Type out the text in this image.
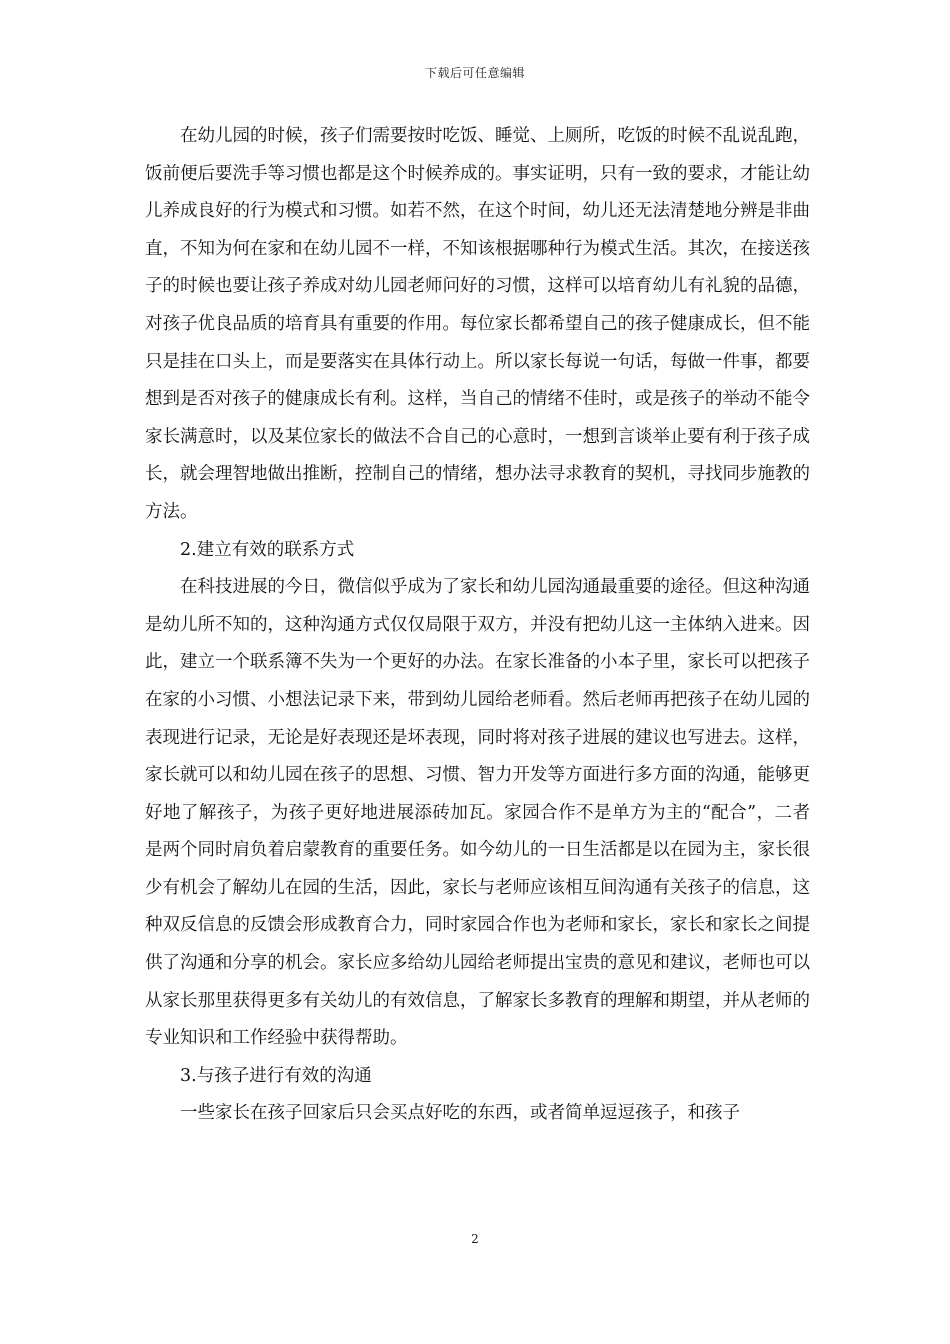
下载后可任意编辑

在幼儿园的时候，孩子们需要按时吃饭、睡觉、上厕所，吃饭的时候不乱说乱跑，饭前便后要洗手等习惯也都是这个时候养成的。事实证明，只有一致的要求，才能让幼儿养成良好的行为模式和习惯。如若不然，在这个时间，幼儿还无法清楚地分辨是非曲直，不知为何在家和在幼儿园不一样，不知该根据哪种行为模式生活。其次，在接送孩子的时候也要让孩子养成对幼儿园老师问好的习惯，这样可以培育幼儿有礼貌的品德，对孩子优良品质的培育具有重要的作用。每位家长都希望自己的孩子健康成长，但不能只是挂在口头上，而是要落实在具体行动上。所以家长每说一句话，每做一件事，都要想到是否对孩子的健康成长有利。这样，当自己的情绪不佳时，或是孩子的举动不能令家长满意时，以及某位家长的做法不合自己的心意时，一想到言谈举止要有利于孩子成长，就会理智地做出推断，控制自己的情绪，想办法寻求教育的契机，寻找同步施教的方法。

2.建立有效的联系方式

在科技进展的今日，微信似乎成为了家长和幼儿园沟通最重要的途径。但这种沟通是幼儿所不知的，这种沟通方式仅仅局限于双方，并没有把幼儿这一主体纳入进来。因此，建立一个联系簿不失为一个更好的办法。在家长准备的小本子里，家长可以把孩子在家的小习惯、小想法记录下来，带到幼儿园给老师看。然后老师再把孩子在幼儿园的表现进行记录，无论是好表现还是坏表现，同时将对孩子进展的建议也写进去。这样，家长就可以和幼儿园在孩子的思想、习惯、智力开发等方面进行多方面的沟通，能够更好地了解孩子，为孩子更好地进展添砖加瓦。家园合作不是单方为主的“配合”，二者是两个同时肩负着启蒙教育的重要任务。如今幼儿的一日生活都是以在园为主，家长很少有机会了解幼儿在园的生活，因此，家长与老师应该相互间沟通有关孩子的信息，这种双反信息的反馈会形成教育合力，同时家园合作也为老师和家长，家长和家长之间提供了沟通和分享的机会。家长应多给幼儿园给老师提出宝贵的意见和建议，老师也可以从家长那里获得更多有关幼儿的有效信息，了解家长多教育的理解和期望，并从老师的专业知识和工作经验中获得帮助。

3.与孩子进行有效的沟通

一些家长在孩子回家后只会买点好吃的东西，或者简单逗逗孩子，和孩子

2
